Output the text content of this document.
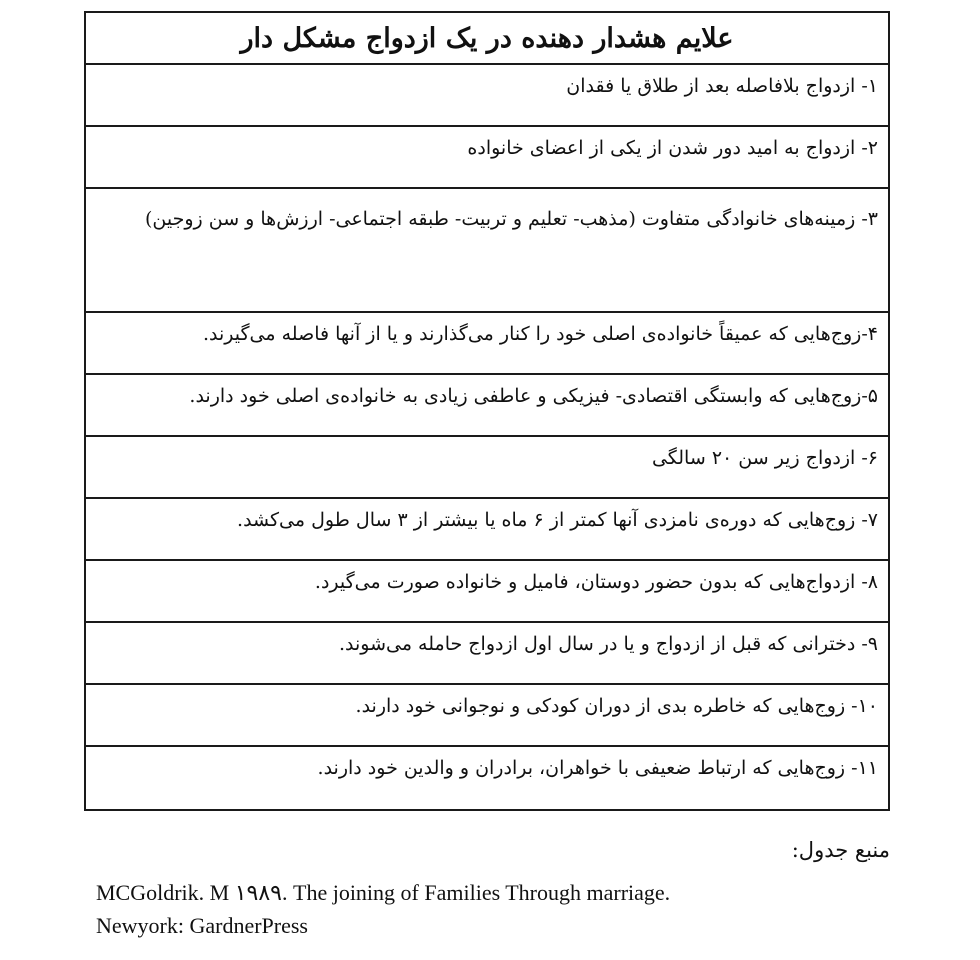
علایم هشدار دهنده در یک ازدواج مشکل دار
۱- ازدواج بلافاصله بعد از طلاق یا فقدان
۲- ازدواج به امید دور شدن از یکی از اعضای خانواده
۳- زمینه‌های خانوادگی متفاوت (مذهب- تعلیم و تربیت- طبقه اجتماعی- ارزش‌ها و سن زوجین)
۴-زوج‌هایی که عمیقاً خانواده‌ی اصلی خود را کنار می‌گذارند و یا از آنها فاصله می‌گیرند.
۵-زوج‌هایی که وابستگی اقتصادی- فیزیکی و عاطفی زیادی به خانواده‌ی اصلی خود دارند.
۶- ازدواج زیر سن ۲۰ سالگی
۷- زوج‌هایی که دوره‌ی نامزدی آنها کمتر از ۶ ماه یا بیشتر از ۳ سال طول می‌کشد.
۸- ازدواج‌هایی که بدون حضور دوستان، فامیل و خانواده صورت می‌گیرد.
۹- دخترانی که قبل از ازدواج و یا در سال اول ازدواج حامله می‌شوند.
۱۰- زوج‌هایی که خاطره بدی از دوران کودکی و نوجوانی خود دارند.
۱۱- زوج‌هایی که ارتباط ضعیفی با خواهران، برادران و والدین خود دارند.
منبع جدول:
MCGoldrik. M ۱۹۸۹. The joining of Families Through marriage.
Newyork: GardnerPress
